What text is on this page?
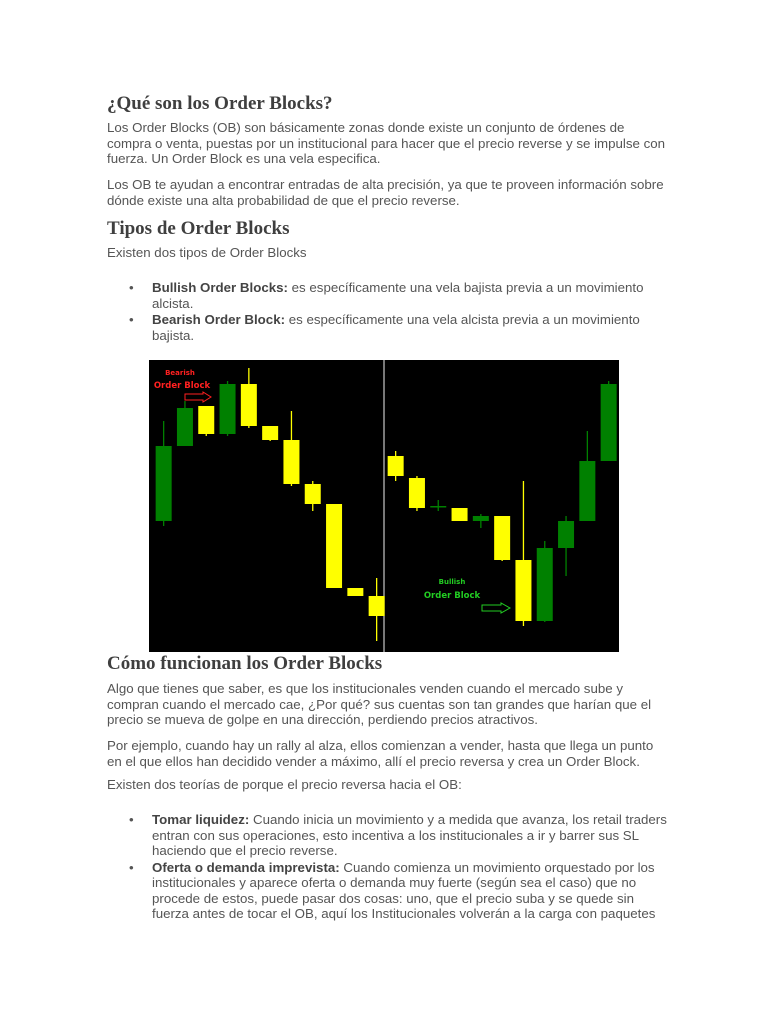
¿Qué son los Order Blocks?

Los Order Blocks (OB) son básicamente zonas donde existe un conjunto de órdenes de compra o venta, puestas por un institucional para hacer que el precio reverse y se impulse con fuerza. Un Order Block es una vela especifica.

Los OB te ayudan a encontrar entradas de alta precisión, ya que te proveen información sobre dónde existe una alta probabilidad de que el precio reverse.

Tipos de Order Blocks

Existen dos tipos de Order Blocks

• Bullish Order Blocks: es específicamente una vela bajista previa a un movimiento alcista.
• Bearish Order Block: es específicamente una vela alcista previa a un movimiento bajista.
Cómo funcionan los Order Blocks

Algo que tienes que saber, es que los institucionales venden cuando el mercado sube y compran cuando el mercado cae, ¿Por qué? sus cuentas son tan grandes que harían que el precio se mueva de golpe en una dirección, perdiendo precios atractivos.

Por ejemplo, cuando hay un rally al alza, ellos comienzan a vender, hasta que llega un punto en el que ellos han decidido vender a máximo, allí el precio reversa y crea un Order Block.

Existen dos teorías de porque el precio reversa hacia el OB:

• Tomar liquidez: Cuando inicia un movimiento y a medida que avanza, los retail traders entran con sus operaciones, esto incentiva a los institucionales a ir y barrer sus SL haciendo que el precio reverse.
• Oferta o demanda imprevista: Cuando comienza un movimiento orquestado por los institucionales y aparece oferta o demanda muy fuerte (según sea el caso) que no procede de estos, puede pasar dos cosas: uno, que el precio suba y se quede sin fuerza antes de tocar el OB, aquí los Institucionales volverán a la carga con paquetes
Bearish
Order Block
Bullish
Order Block
